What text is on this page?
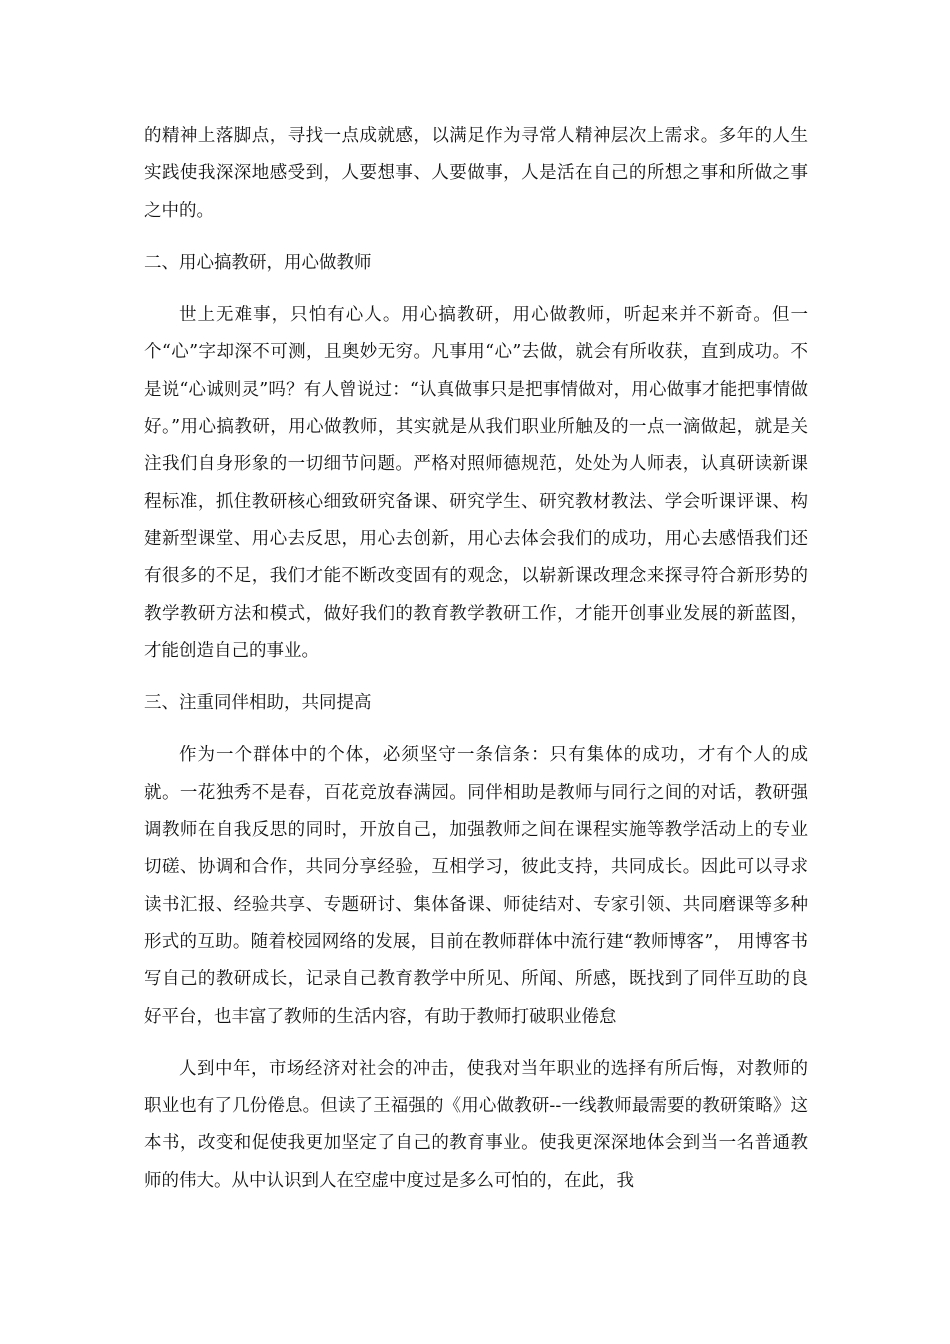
的精神上落脚点，寻找一点成就感，以满足作为寻常人精神层次上需求。多年的人生实践使我深深地感受到，人要想事、人要做事，人是活在自己的所想之事和所做之事之中的。

二、用心搞教研，用心做教师

世上无难事，只怕有心人。用心搞教研，用心做教师，听起来并不新奇。但一个“心”字却深不可测，且奥妙无穷。凡事用“心”去做，就会有所收获，直到成功。不是说“心诚则灵”吗？有人曾说过：“认真做事只是把事情做对，用心做事才能把事情做好。”用心搞教研，用心做教师，其实就是从我们职业所触及的一点一滴做起，就是关注我们自身形象的一切细节问题。严格对照师德规范，处处为人师表，认真研读新课程标准，抓住教研核心细致研究备课、研究学生、研究教材教法、学会听课评课、构建新型课堂、用心去反思，用心去创新，用心去体会我们的成功，用心去感悟我们还有很多的不足，我们才能不断改变固有的观念，以崭新课改理念来探寻符合新形势的教学教研方法和模式，做好我们的教育教学教研工作，才能开创事业发展的新蓝图，才能创造自己的事业。

三、注重同伴相助，共同提高

作为一个群体中的个体，必须坚守一条信条：只有集体的成功，才有个人的成就。一花独秀不是春，百花竞放春满园。同伴相助是教师与同行之间的对话，教研强调教师在自我反思的同时，开放自己，加强教师之间在课程实施等教学活动上的专业切磋、协调和合作，共同分享经验，互相学习，彼此支持，共同成长。因此可以寻求读书汇报、经验共享、专题研讨、集体备课、师徒结对、专家引领、共同磨课等多种形式的互助。随着校园网络的发展，目前在教师群体中流行建“教师博客”， 用博客书写自己的教研成长，记录自己教育教学中所见、所闻、所感，既找到了同伴互助的良好平台，也丰富了教师的生活内容，有助于教师打破职业倦怠

人到中年，市场经济对社会的冲击，使我对当年职业的选择有所后悔，对教师的职业也有了几份倦息。但读了王福强的《用心做教研--一线教师最需要的教研策略》这本书，改变和促使我更加坚定了自己的教育事业。使我更深深地体会到当一名普通教师的伟大。从中认识到人在空虚中度过是多么可怕的，在此，我
